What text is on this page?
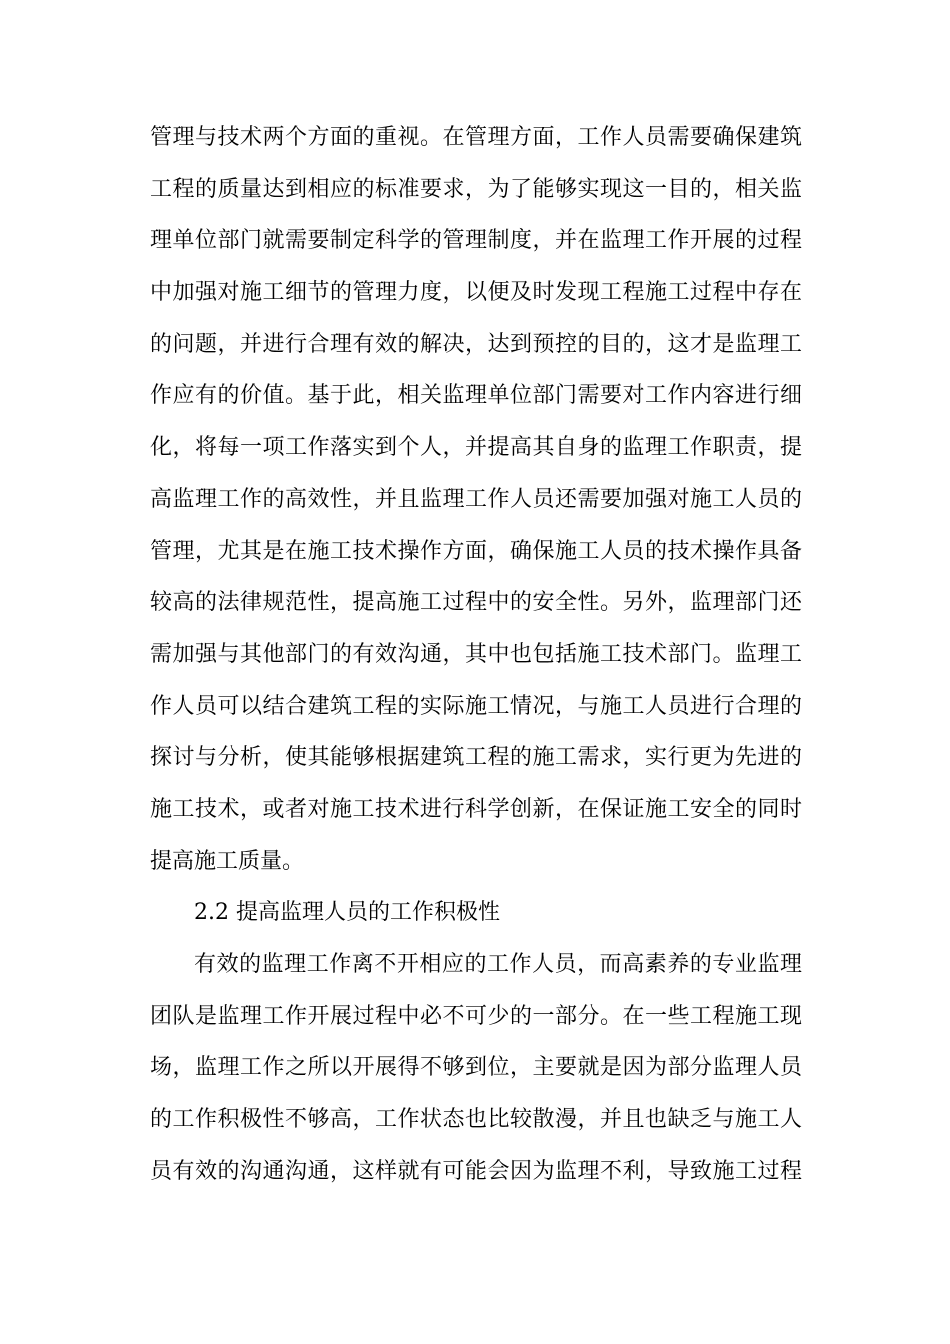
管理与技术两个方面的重视。在管理方面，工作人员需要确保建筑
工程的质量达到相应的标准要求，为了能够实现这一目的，相关监
理单位部门就需要制定科学的管理制度，并在监理工作开展的过程
中加强对施工细节的管理力度，以便及时发现工程施工过程中存在
的问题，并进行合理有效的解决，达到预控的目的，这才是监理工
作应有的价值。基于此，相关监理单位部门需要对工作内容进行细
化，将每一项工作落实到个人，并提高其自身的监理工作职责，提
高监理工作的高效性，并且监理工作人员还需要加强对施工人员的
管理，尤其是在施工技术操作方面，确保施工人员的技术操作具备
较高的法律规范性，提高施工过程中的安全性。另外，监理部门还
需加强与其他部门的有效沟通，其中也包括施工技术部门。监理工
作人员可以结合建筑工程的实际施工情况，与施工人员进行合理的
探讨与分析，使其能够根据建筑工程的施工需求，实行更为先进的
施工技术，或者对施工技术进行科学创新，在保证施工安全的同时
提高施工质量。
2.2 提高监理人员的工作积极性
有效的监理工作离不开相应的工作人员，而高素养的专业监理
团队是监理工作开展过程中必不可少的一部分。在一些工程施工现
场，监理工作之所以开展得不够到位，主要就是因为部分监理人员
的工作积极性不够高，工作状态也比较散漫，并且也缺乏与施工人
员有效的沟通沟通，这样就有可能会因为监理不利，导致施工过程
